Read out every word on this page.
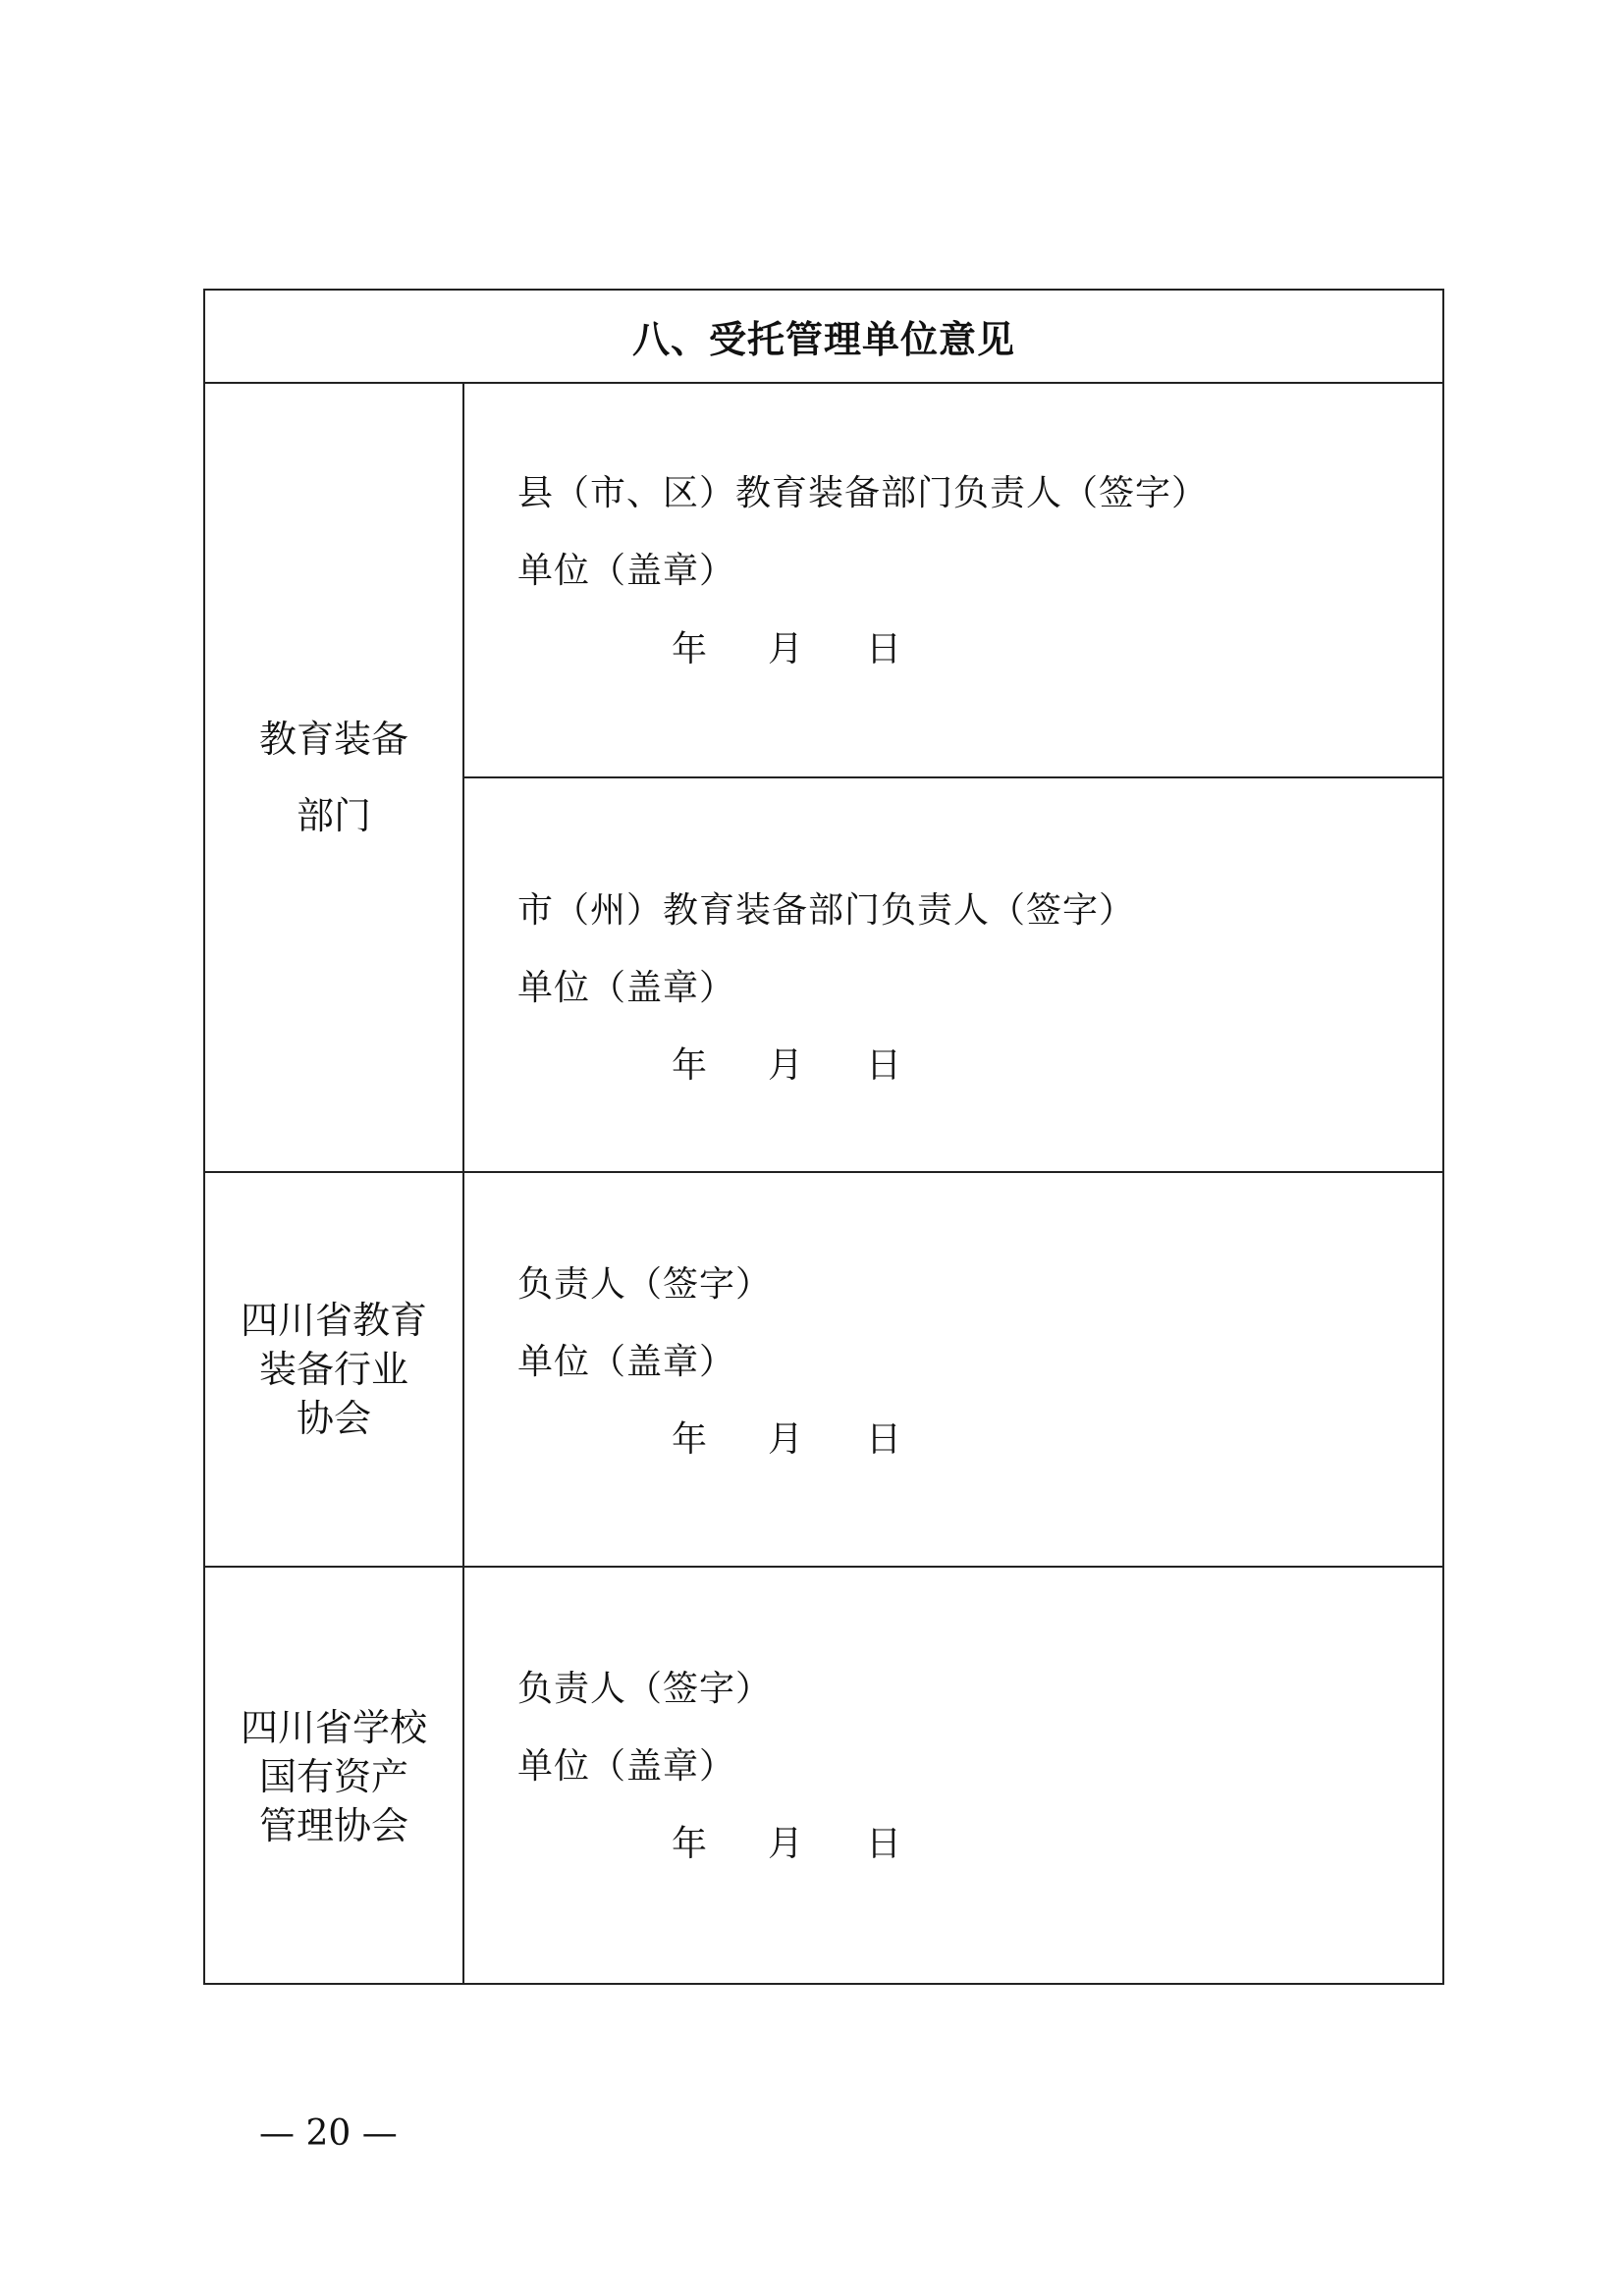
八、受托管理单位意见
教育装备
部门
县（市、区）教育装备部门负责人（签字）
单位（盖章）
年 月 日
市（州）教育装备部门负责人（签字）
单位（盖章）
年 月 日
四川省教育
装备行业
协会
负责人（签字）
单位（盖章）
年 月 日
四川省学校
国有资产
管理协会
负责人（签字）
单位（盖章）
年 月 日
— 20 —
